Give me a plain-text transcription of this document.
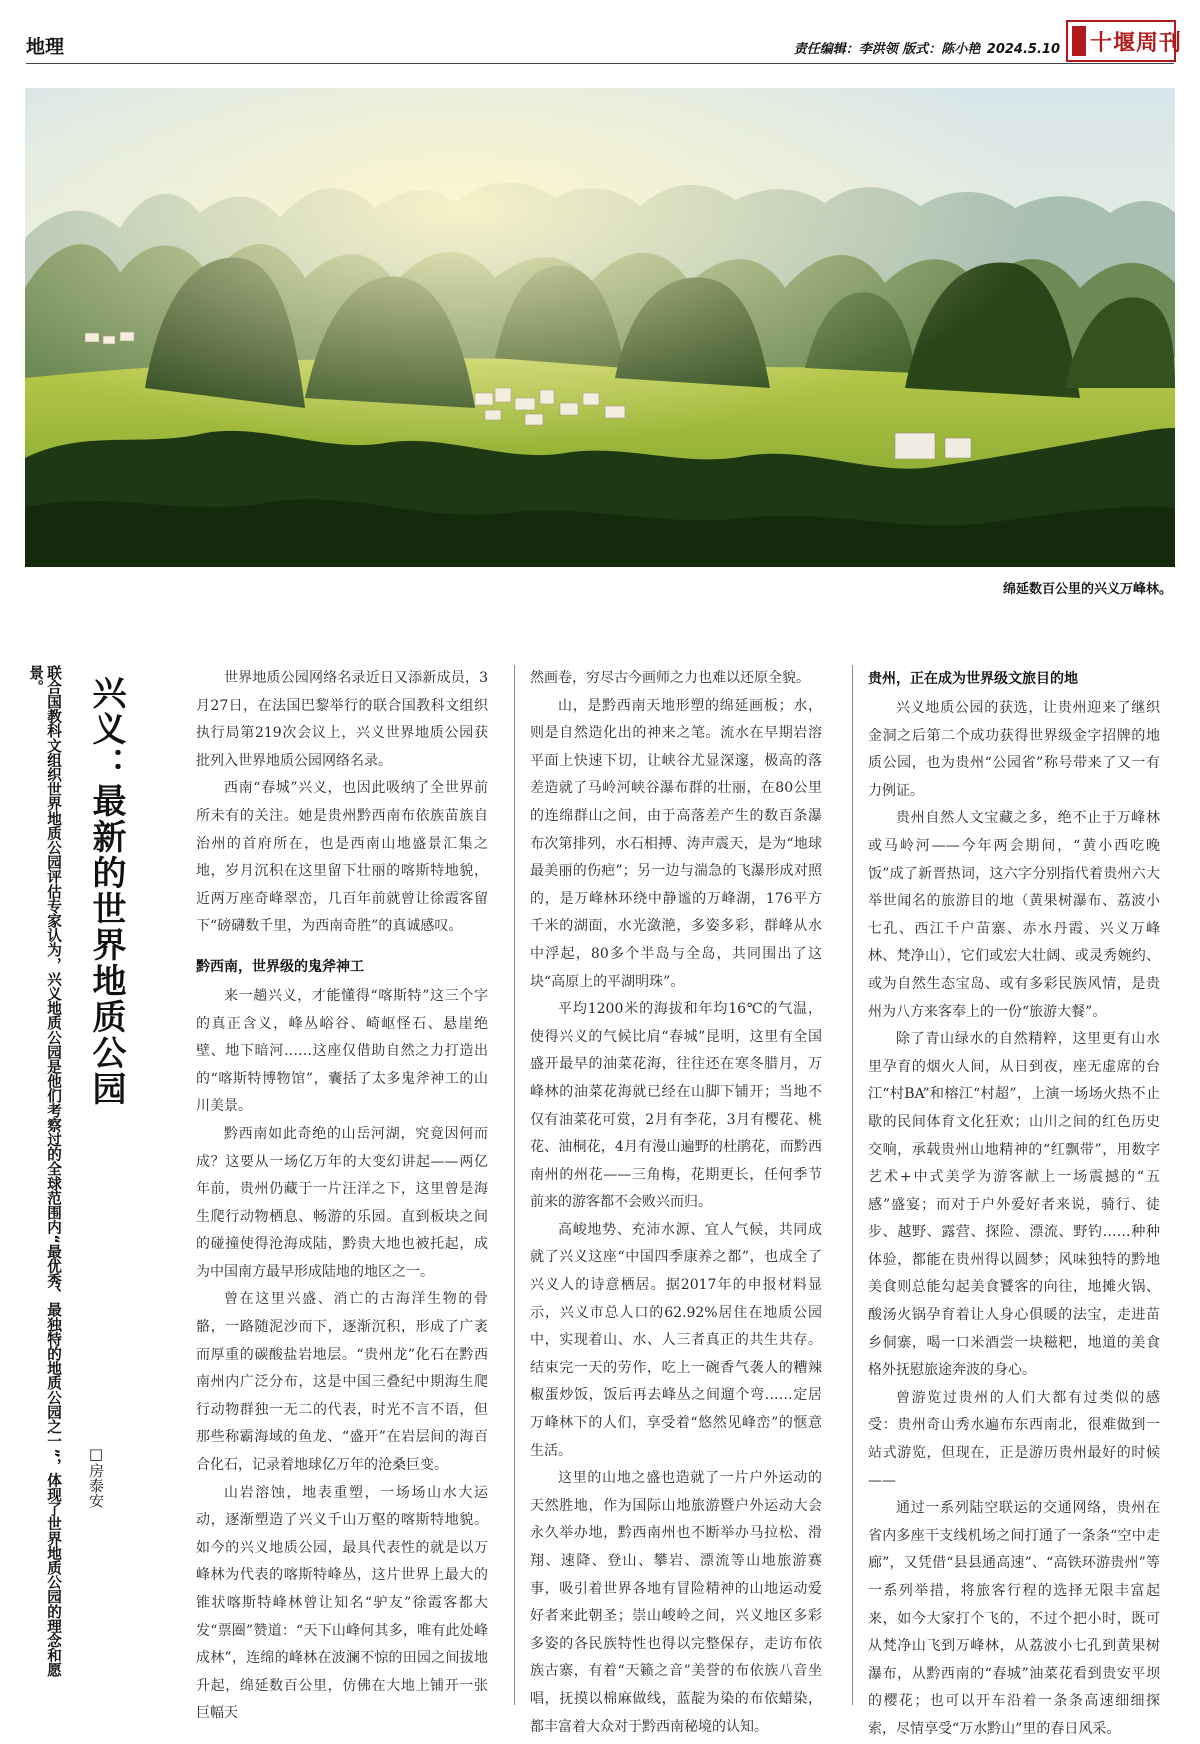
地理	责任编辑：李洪领 版式：陈小艳 2024.5.10 十堰周刊
绵延数百公里的兴义万峰林。
联合国教科文组织世界地质公园评估专家认为，兴义地质公园是他们考察过的全球范围内“最优秀、最独特的地质公园之一”，体现了世界地质公园的理念和愿景。	兴义：最新的世界地质公园
□房泰安

世界地质公园网络名录近日又添新成员，3月27日，在法国巴黎举行的联合国教科文组织执行局第219次会议上，兴义世界地质公园获批列入世界地质公园网络名录。

西南“春城”兴义，也因此吸纳了全世界前所未有的关注。她是贵州黔西南布依族苗族自治州的首府所在，也是西南山地盛景汇集之地，岁月沉积在这里留下壮丽的喀斯特地貌，近两万座奇峰翠峦，几百年前就曾让徐霞客留下“磅礴数千里，为西南奇胜”的真诚感叹。

黔西南，世界级的鬼斧神工

来一趟兴义，才能懂得“喀斯特”这三个字的真正含义，峰丛峪谷、崎岖怪石、悬崖绝壁、地下暗河……这座仅借助自然之力打造出的“喀斯特博物馆”，囊括了太多鬼斧神工的山川美景。

黔西南如此奇绝的山岳河湖，究竟因何而成？这要从一场亿万年的大变幻讲起——两亿年前，贵州仍藏于一片汪洋之下，这里曾是海生爬行动物栖息、畅游的乐园。直到板块之间的碰撞使得沧海成陆，黔贵大地也被托起，成为中国南方最早形成陆地的地区之一。

曾在这里兴盛、消亡的古海洋生物的骨骼，一路随泥沙而下，逐渐沉积，形成了广袤而厚重的碳酸盐岩地层。“贵州龙”化石在黔西南州内广泛分布，这是中国三叠纪中期海生爬行动物群独一无二的代表，时光不言不语，但那些称霸海域的鱼龙、“盛开”在岩层间的海百合化石，记录着地球亿万年的沧桑巨变。

山岩溶蚀，地表重塑，一场场山水大运动，逐渐塑造了兴义千山万壑的喀斯特地貌。如今的兴义地质公园，最具代表性的就是以万峰林为代表的喀斯特峰丛，这片世界上最大的锥状喀斯特峰林曾让知名“驴友”徐霞客都大发“票圈”赞道：“天下山峰何其多，唯有此处峰成林”，连绵的峰林在波澜不惊的田园之间拔地升起，绵延数百公里，仿佛在大地上铺开一张巨幅天

然画卷，穷尽古今画师之力也难以还原全貌。

山，是黔西南天地形塑的绵延画板；水，则是自然造化出的神来之笔。流水在早期岩溶平面上快速下切，让峡谷尤显深邃，极高的落差造就了马岭河峡谷瀑布群的壮丽，在80公里的连绵群山之间，由于高落差产生的数百条瀑布次第排列，水石相搏、涛声震天，是为“地球最美丽的伤疤”；另一边与湍急的飞瀑形成对照的，是万峰林环绕中静谧的万峰湖，176平方千米的湖面，水光潋滟，多姿多彩，群峰从水中浮起，80多个半岛与全岛，共同围出了这块“高原上的平湖明珠”。

平均1200米的海拔和年均16℃的气温，使得兴义的气候比肩“春城”昆明，这里有全国盛开最早的油菜花海，往往还在寒冬腊月，万峰林的油菜花海就已经在山脚下铺开；当地不仅有油菜花可赏，2月有李花，3月有樱花、桃花、油桐花，4月有漫山遍野的杜鹃花，而黔西南州的州花——三角梅，花期更长，任何季节前来的游客都不会败兴而归。

高峻地势、充沛水源、宜人气候，共同成就了兴义这座“中国四季康养之都”，也成全了兴义人的诗意栖居。据2017年的申报材料显示，兴义市总人口的62.92%居住在地质公园中，实现着山、水、人三者真正的共生共存。结束完一天的劳作，吃上一碗香气袭人的糟辣椒蛋炒饭，饭后再去峰丛之间遛个弯……定居万峰林下的人们，享受着“悠然见峰峦”的惬意生活。

这里的山地之盛也造就了一片户外运动的天然胜地，作为国际山地旅游暨户外运动大会永久举办地，黔西南州也不断举办马拉松、滑翔、速降、登山、攀岩、漂流等山地旅游赛事，吸引着世界各地有冒险精神的山地运动爱好者来此朝圣；崇山峻岭之间，兴义地区多彩多姿的各民族特性也得以完整保存，走访布依族古寨，有着“天籁之音”美誉的布依族八音坐唱，抚摸以棉麻做线，蓝靛为染的布依蜡染，都丰富着大众对于黔西南秘境的认知。

贵州，正在成为世界级文旅目的地

兴义地质公园的获选，让贵州迎来了继织金洞之后第二个成功获得世界级金字招牌的地质公园，也为贵州“公园省”称号带来了又一有力例证。

贵州自然人文宝藏之多，绝不止于万峰林或马岭河——今年两会期间，“黄小西吃晚饭”成了新晋热词，这六字分别指代着贵州六大举世闻名的旅游目的地（黄果树瀑布、荔波小七孔、西江千户苗寨、赤水丹霞、兴义万峰林、梵净山），它们或宏大壮阔、或灵秀婉约、或为自然生态宝岛、或有多彩民族风情，是贵州为八方来客奉上的一份“旅游大餐”。

除了青山绿水的自然精粹，这里更有山水里孕育的烟火人间，从日到夜，座无虚席的台江“村BA”和榕江“村超”，上演一场场火热不止歇的民间体育文化狂欢；山川之间的红色历史交响，承载贵州山地精神的“红飘带”，用数字艺术+中式美学为游客献上一场震撼的“五感”盛宴；而对于户外爱好者来说，骑行、徒步、越野、露营、探险、漂流、野钓……种种体验，都能在贵州得以圆梦；风味独特的黔地美食则总能勾起美食饕客的向往，地摊火锅、酸汤火锅孕育着让人身心俱暖的法宝，走进苗乡侗寨，喝一口米酒尝一块糍粑，地道的美食格外抚慰旅途奔波的身心。

曾游览过贵州的人们大都有过类似的感受：贵州奇山秀水遍布东西南北，很难做到一站式游览，但现在，正是游历贵州最好的时候——

通过一系列陆空联运的交通网络，贵州在省内多座干支线机场之间打通了一条条“空中走廊”，又凭借“县县通高速”、“高铁环游贵州”等一系列举措，将旅客行程的选择无限丰富起来，如今大家打个飞的，不过个把小时，既可从梵净山飞到万峰林，从荔波小七孔到黄果树瀑布，从黔西南的“春城”油菜花看到贵安平坝的樱花；也可以开车沿着一条条高速细细探索，尽情享受“万水黔山”里的春日风采。
